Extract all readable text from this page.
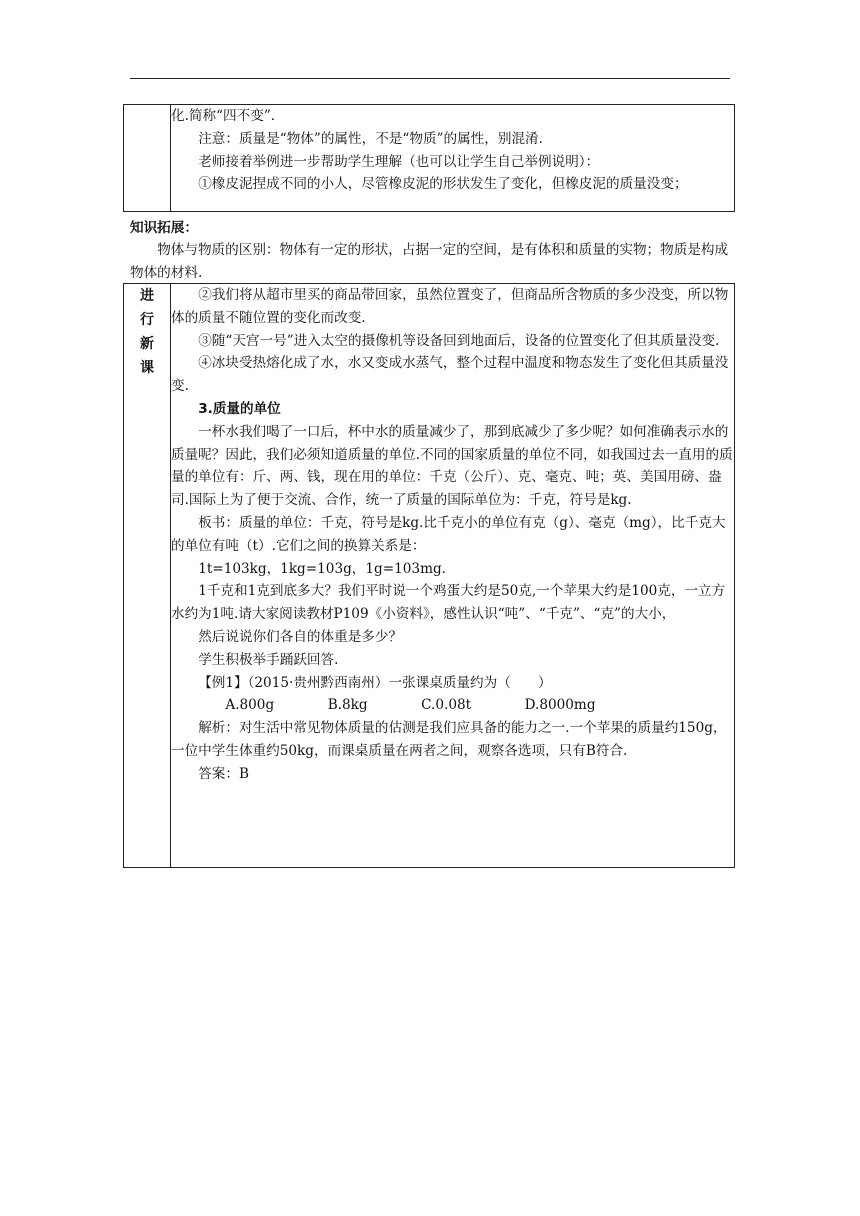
化.简称“四不变”.

注意：质量是“物体”的属性，不是“物质”的属性，别混淆.

老师接着举例进一步帮助学生理解（也可以让学生自己举例说明）：

①橡皮泥捏成不同的小人，尽管橡皮泥的形状发生了变化，但橡皮泥的质量没变；

知识拓展：

物体与物质的区别：物体有一定的形状，占据一定的空间，是有体积和质量的实物；物质是构成物体的材料.

进
行
新
课

②我们将从超市里买的商品带回家，虽然位置变了，但商品所含物质的多少没变，所以物体的质量不随位置的变化而改变.

③随“天宫一号”进入太空的摄像机等设备回到地面后，设备的位置变化了但其质量没变.

④冰块受热熔化成了水，水又变成水蒸气，整个过程中温度和物态发生了变化但其质量没变.

3.质量的单位

一杯水我们喝了一口后，杯中水的质量减少了，那到底减少了多少呢？如何准确表示水的质量呢？因此，我们必须知道质量的单位.不同的国家质量的单位不同，如我国过去一直用的质量的单位有：斤、两、钱，现在用的单位：千克（公斤）、克、毫克、吨；英、美国用磅、盎司.国际上为了便于交流、合作，统一了质量的国际单位为：千克，符号是kg.

板书：质量的单位：千克，符号是kg.比千克小的单位有克（g）、毫克（mg），比千克大的单位有吨（t）.它们之间的换算关系是：

1t=103kg，1kg=103g，1g=103mg.

1千克和1克到底多大？我们平时说一个鸡蛋大约是50克,一个苹果大约是100克，一立方水约为1吨.请大家阅读教材P109《小资料》，感性认识“吨”、“千克”、“克”的大小，

然后说说你们各自的体重是多少？

学生积极举手踊跃回答.

【例1】（2015·贵州黔西南州）一张课桌质量约为（　　）

A.800g	B.8kg	C.0.08t	D.8000mg

解析：对生活中常见物体质量的估测是我们应具备的能力之一.一个苹果的质量约150g，一位中学生体重约50kg，而课桌质量在两者之间，观察各选项，只有B符合.

答案：B
